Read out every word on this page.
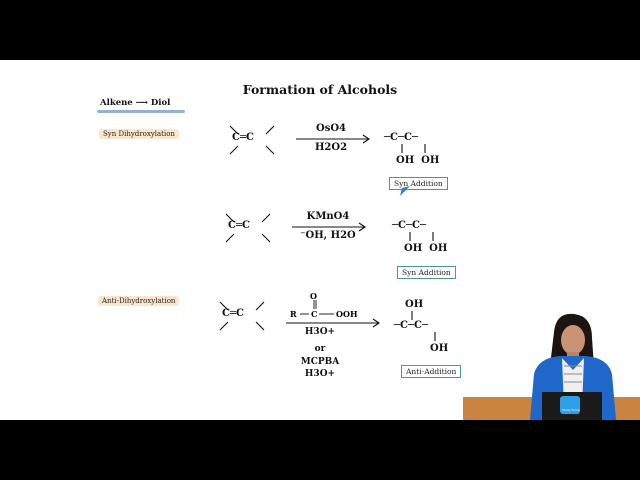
Formation of Alcohols
Alkene ⟶ Diol
Syn Dihydroxylation
Anti-Dihydroxylation
C═C
OsO4
H2O2
─C─C─
OH  OH
Syn Addition
C═C
KMnO4
⁻OH, H2O
─C─C─
OH  OH
Syn Addition
C═C
O
R C OOH
H3O+
or
MCPBA
H3O+
OH
─C─C─
OH
Anti-Addition
Study Force
